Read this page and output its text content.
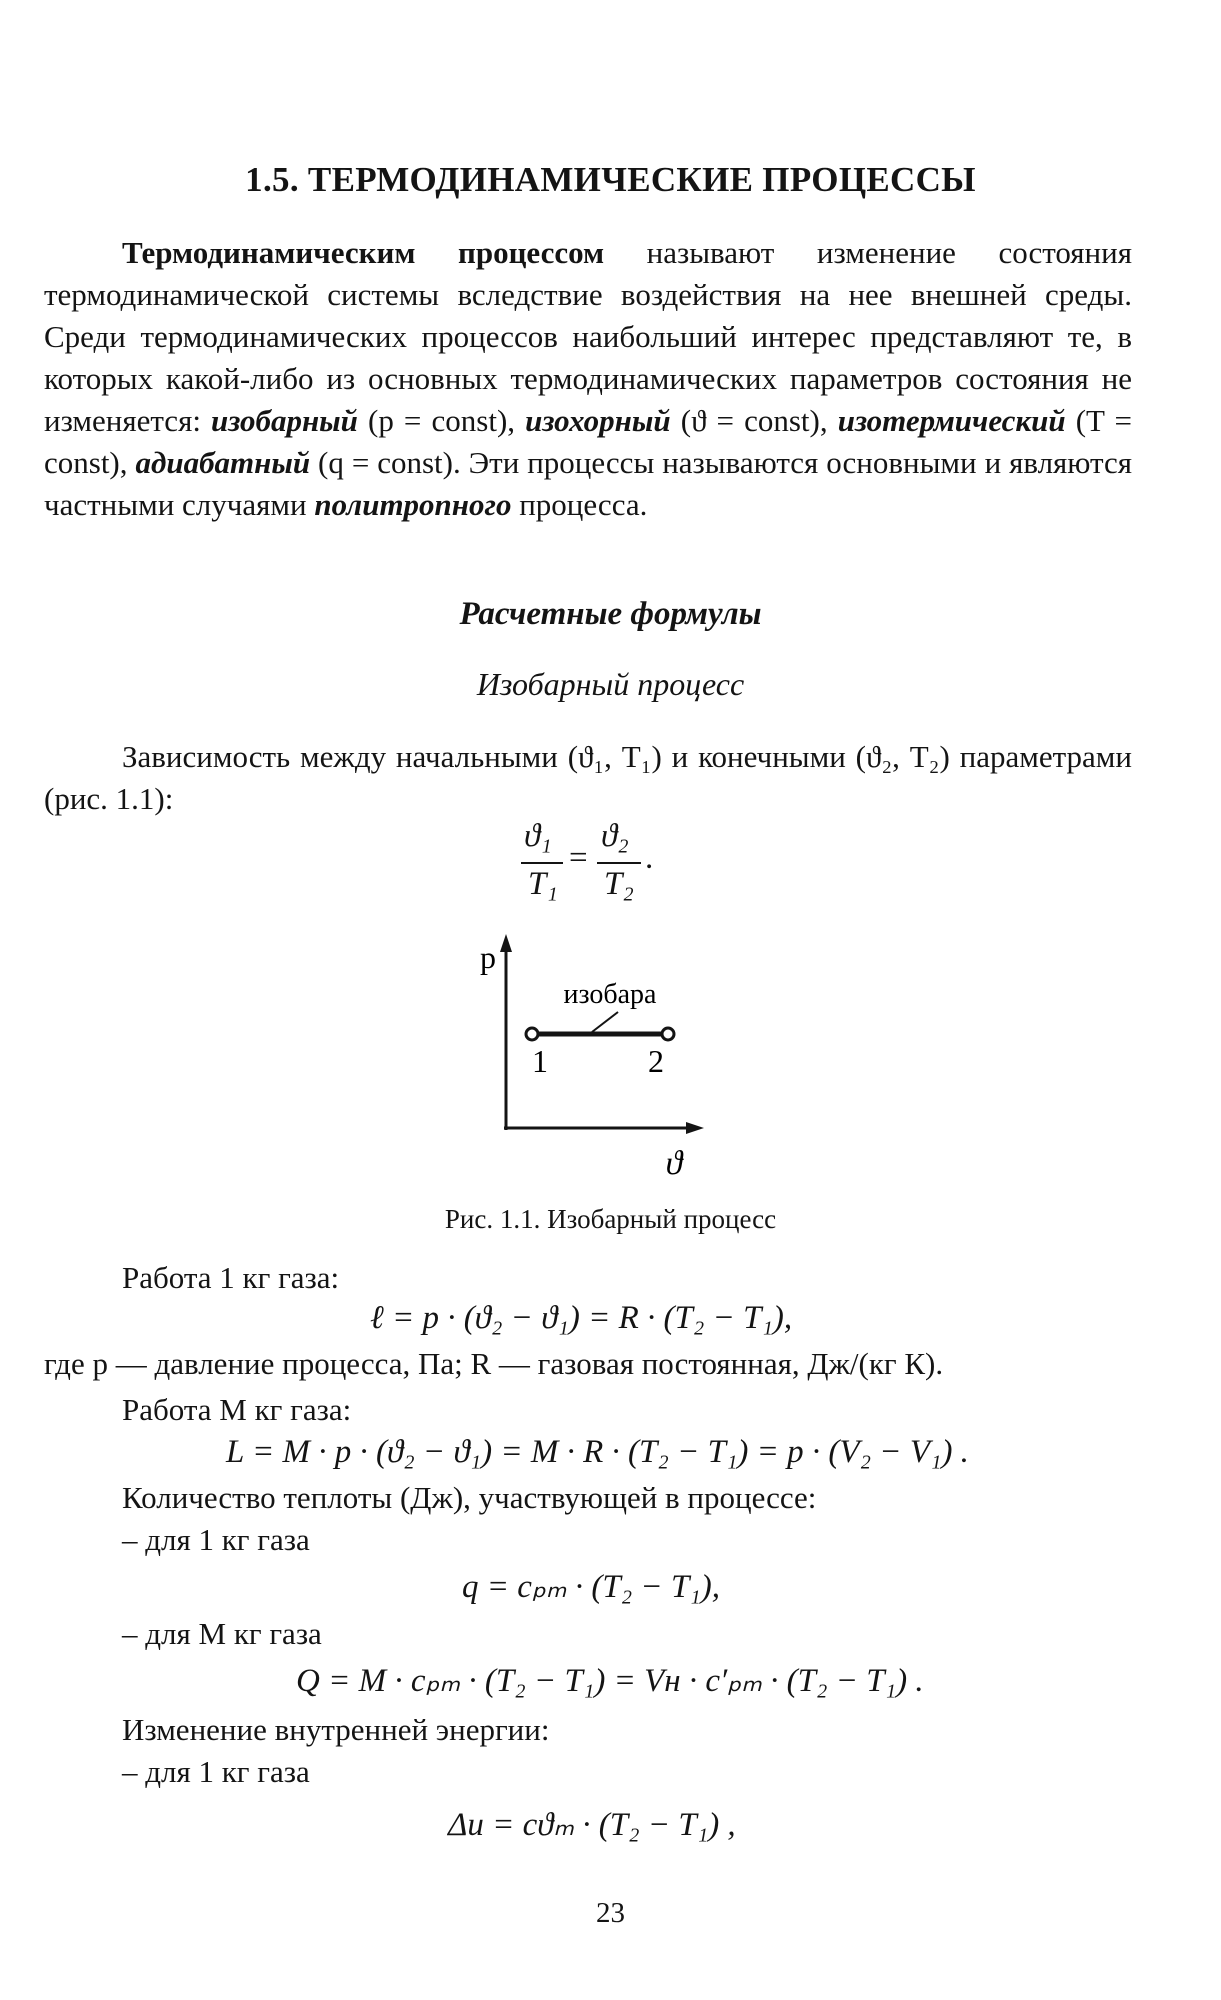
1.5. ТЕРМОДИНАМИЧЕСКИЕ ПРОЦЕССЫ
Термодинамическим процессом называют изменение состояния термодинамической системы вследствие воздействия на нее внешней среды. Среди термодинамических процессов наибольший интерес представляют те, в которых какой-либо из основных термодинамических параметров состояния не изменяется: изобарный (p = const), изохорный (ϑ = const), изотермический (T = const), адиабатный (q = const). Эти процессы называются основными и являются частными случаями политропного процесса.
Расчетные формулы
Изобарный процесс
Зависимость между начальными (ϑ₁, T₁) и конечными (ϑ₂, T₂) параметрами (рис. 1.1):
ϑ₁
T₁
=
ϑ₂
T₂
.
p
ϑ
изобара
1	2
Рис. 1.1. Изобарный процесс
Работа 1 кг газа:
ℓ = p · (ϑ₂ − ϑ₁) = R · (T₂ − T₁),
где p — давление процесса, Па; R — газовая постоянная, Дж/(кг К).
Работа M кг газа:
L = M · p · (ϑ₂ − ϑ₁) = M · R · (T₂ − T₁) = p · (V₂ − V₁) .
Количество теплоты (Дж), участвующей в процессе:
– для 1 кг газа
q = cₚₘ · (T₂ − T₁),
– для M кг газа
Q = M · cₚₘ · (T₂ − T₁) = Vн · c′ₚₘ · (T₂ − T₁) .
Изменение внутренней энергии:
– для 1 кг газа
Δu = cϑₘ · (T₂ − T₁) ,
23
